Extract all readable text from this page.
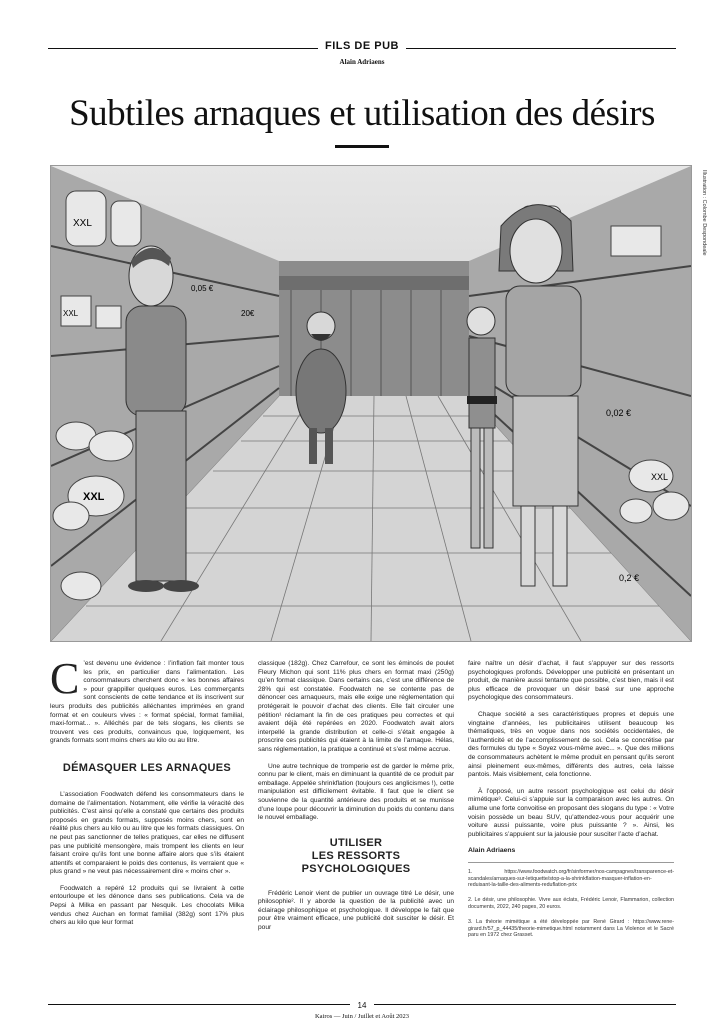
FILS DE PUB
Alain Adriaens
Subtiles arnaques et utilisation des désirs
Illustration : Colombe Despondeale
XXL
XXL
XXL
0,05 €
20€
XXL
0,02 €
0,2 €

C ’est devenu une évidence : l’inflation fait monter tous les prix, en particulier dans l’alimentation. Les consommateurs cherchent donc « les bonnes affaires » pour grappiller quelques euros. Les commerçants sont conscients de cette tendance et ils inscrivent sur leurs produits des publicités alléchantes imprimées en grand format et en couleurs vives : « format spécial, format familial, maxi-format... ». Alléchés par de tels slogans, les clients se trouvent ves ces produits, convaincus que, logiquement, les grands formats sont moins chers au kilo ou au litre.

DÉMASQUER LES ARNAQUES

L’association Foodwatch défend les consommateurs dans le domaine de l’alimentation. Notamment, elle vérifie la véracité des publicités. C’est ainsi qu’elle a constaté que certains des produits proposés en grands formats, supposés moins chers, sont en réalité plus chers au kilo ou au litre que les formats classiques. On ne peut pas sanctionner de telles pratiques, car elles ne diffusent pas une publicité mensongère, mais trompent les clients en leur faisant croire qu’ils font une bonne affaire alors que s’ils étaient attentifs et comparaient le poids des contenus, ils verraient que « plus grand » ne veut pas nécessairement dire « moins cher ».

Foodwatch a repéré 12 produits qui se livraient à cette entourloupe et les dénonce dans ses publications. Cela va de Pepsi à Milka en passant par Nesquik. Les chocolats Milka vendus chez Auchan en format familial (382g) sont 17% plus chers au kilo que leur format

classique (182g). Chez Carrefour, ce sont les émincés de poulet Fleury Michon qui sont 11% plus chers en format maxi (250g) qu’en format classique. Dans certains cas, c’est une différence de 28% qui est constatée. Foodwatch ne se contente pas de dénoncer ces arnaqueurs, mais elle exige une réglementation qui protégerait le pouvoir d’achat des clients. Elle fait circuler une pétition¹ réclamant la fin de ces pratiques peu correctes et qui avaient déjà été repérées en 2020. Foodwatch avait alors interpellé la grande distribution et celle-ci s’était engagée à proscrire ces publicités qui étaient à la limite de l’arnaque. Hélas, sans réglementation, la pratique a continué et s’est même accrue.

Une autre technique de tromperie est de garder le même prix, connu par le client, mais en diminuant la quantité de ce produit par emballage. Appelée shrinkflation (toujours ces anglicismes !), cette manipulation est difficilement évitable. Il faut que le client se souvienne de la quantité antérieure des produits et se munisse d’une loupe pour découvrir la diminution du poids du contenu dans le nouvel emballage.

UTILISER
LES RESSORTS PSYCHOLOGIQUES

Frédéric Lenoir vient de publier un ouvrage titré Le désir, une philosophie². Il y aborde la question de la publicité avec un éclairage philosophique et psychologique. Il développe le fait que pour être vraiment efficace, une publicité doit susciter le désir. Et pour

faire naître un désir d’achat, il faut s’appuyer sur des ressorts psychologiques profonds. Développer une publicité en présentant un produit, de manière aussi tentante que possible, c’est bien, mais il est plus efficace de provoquer un désir basé sur une approche psychologique des consommateurs.

Chaque société a ses caractéristiques propres et depuis une vingtaine d’années, les publicitaires utilisent beaucoup les thématiques, très en vogue dans nos sociétés occidentales, de l’authenticité et de l’accomplissement de soi. Cela se concrétise par des formules du type « Soyez vous-même avec... ». Que des millions de consommateurs achètent le même produit en pensant qu’ils seront ainsi pleinement eux-mêmes, différents des autres, cela laisse pantois. Mais visiblement, cela fonctionne.

À l’opposé, un autre ressort psychologique est celui du désir mimétique³. Celui-ci s’appuie sur la comparaison avec les autres. On allume une forte convoitise en proposant des slogans du type : « Votre voisin possède un beau SUV, qu’attendez-vous pour acquérir une voiture aussi puissante, voire plus puissante ? ». Ainsi, les publicitaires s’appuient sur la jalousie pour susciter l’acte d’achat.

Alain Adriaens

1. https://www.foodwatch.org/fr/sinformer/nos-campagnes/transparence-et-scandales/arnaques-sur-letiquette/stop-a-la-shrinkflation-masquer-inflation-en-reduisant-la-taille-des-aliments-reduflation-prix

2. Le désir, une philosophie. Vivre aux éclats, Frédéric Lenoir, Flammarion, collection documents, 2022, 240 pages, 20 euros.

3. La théorie mimétique a été développée par René Girard : https://www.rene-girard.fr/57_p_44435/theorie-mimetique.html notamment dans La Violence et le Sacré paru en 1972 chez Grasset.

14
Kairos — Juin / Juillet et Août 2023
